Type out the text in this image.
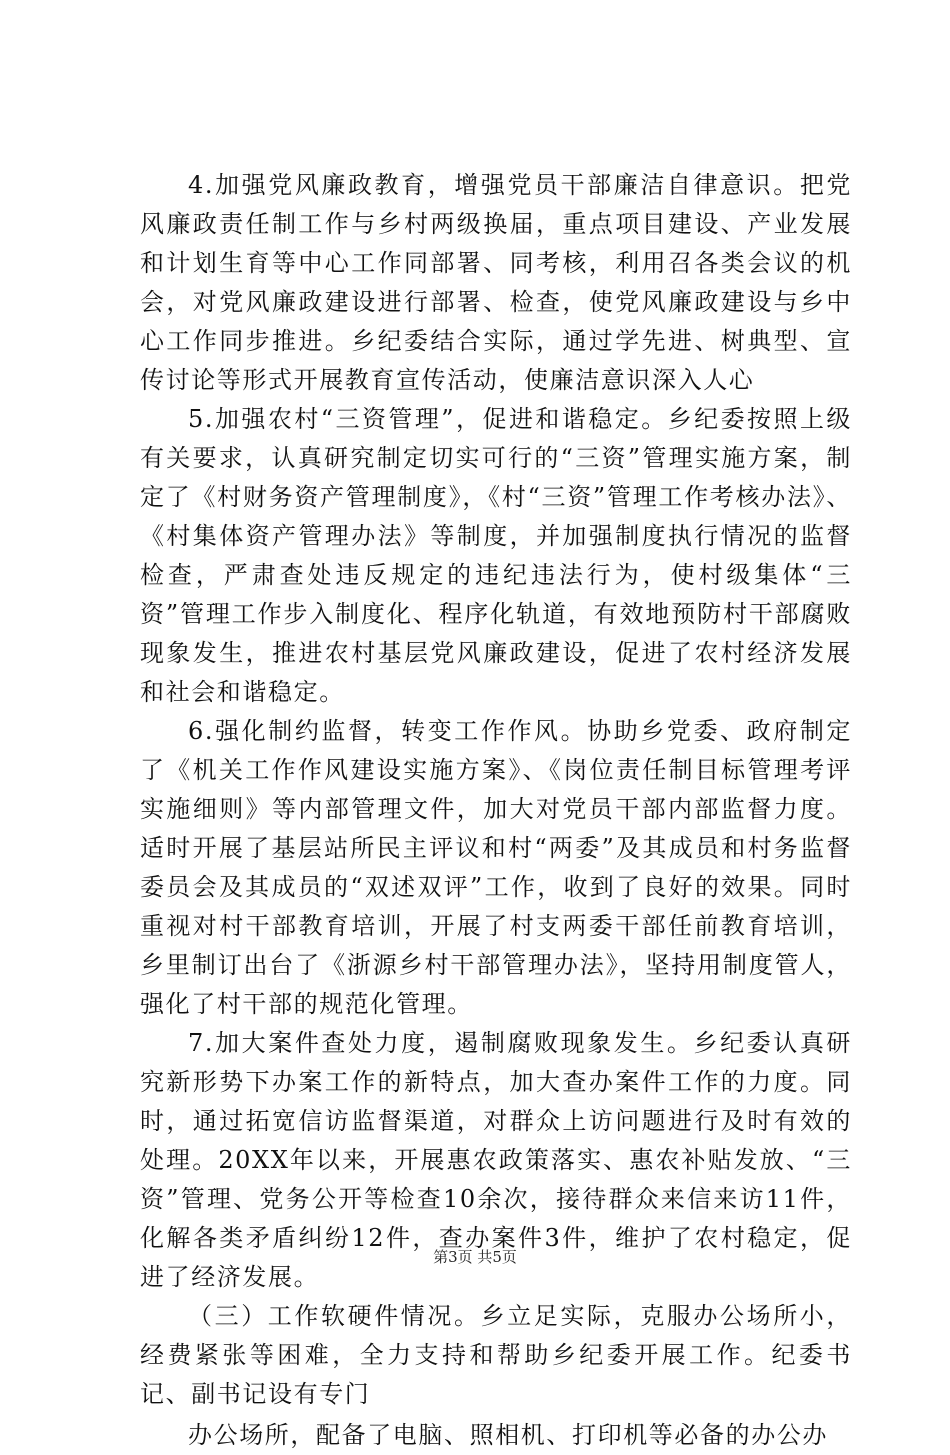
4.加强党风廉政教育，增强党员干部廉洁自律意识。把党风廉政责任制工作与乡村两级换届，重点项目建设、产业发展和计划生育等中心工作同部署、同考核，利用召各类会议的机会，对党风廉政建设进行部署、检查，使党风廉政建设与乡中心工作同步推进。乡纪委结合实际，通过学先进、树典型、宣传讨论等形式开展教育宣传活动，使廉洁意识深入人心

5.加强农村“三资管理”，促进和谐稳定。乡纪委按照上级有关要求，认真研究制定切实可行的“三资”管理实施方案，制定了《村财务资产管理制度》，《村“三资”管理工作考核办法》、《村集体资产管理办法》等制度，并加强制度执行情况的监督检查，严肃查处违反规定的违纪违法行为，使村级集体“三资”管理工作步入制度化、程序化轨道，有效地预防村干部腐败现象发生，推进农村基层党风廉政建设，促进了农村经济发展和社会和谐稳定。

6.强化制约监督，转变工作作风。协助乡党委、政府制定了《机关工作作风建设实施方案》、《岗位责任制目标管理考评实施细则》等内部管理文件，加大对党员干部内部监督力度。适时开展了基层站所民主评议和村“两委”及其成员和村务监督委员会及其成员的“双述双评”工作，收到了良好的效果。同时重视对村干部教育培训，开展了村支两委干部任前教育培训，乡里制订出台了《浙源乡村干部管理办法》，坚持用制度管人，强化了村干部的规范化管理。

7.加大案件查处力度，遏制腐败现象发生。乡纪委认真研究新形势下办案工作的新特点，加大查办案件工作的力度。同时，通过拓宽信访监督渠道，对群众上访问题进行及时有效的处理。20XX年以来，开展惠农政策落实、惠农补贴发放、“三资”管理、党务公开等检查10余次，接待群众来信来访11件，化解各类矛盾纠纷12件，查办案件3件，维护了农村稳定，促进了经济发展。

（三）工作软硬件情况。乡立足实际，克服办公场所小，经费紧张等困难，全力支持和帮助乡纪委开展工作。纪委书记、副书记设有专门

办公场所，配备了电脑、照相机、打印机等必备的办公办

第3页 共5页
